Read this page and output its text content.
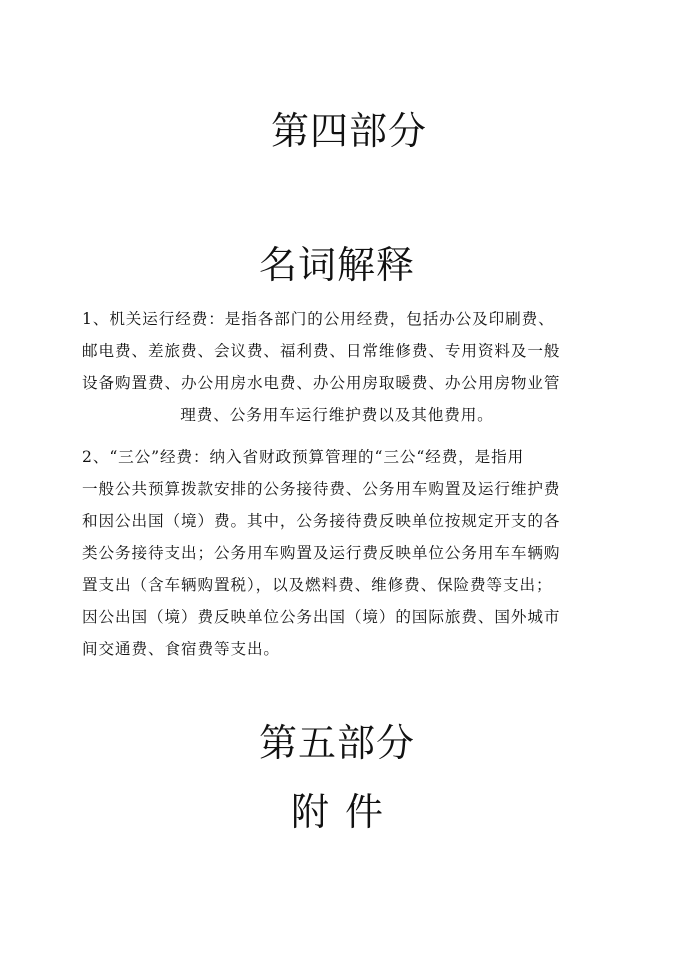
第四部分
名词解释
1、机关运行经费：是指各部门的公用经费，包括办公及印刷费、
邮电费、差旅费、会议费、福利费、日常维修费、专用资料及一般
设备购置费、办公用房水电费、办公用房取暖费、办公用房物业管
理费、公务用车运行维护费以及其他费用。
2、“三公”经费：纳入省财政预算管理的“三公“经费，是指用
一般公共预算拨款安排的公务接待费、公务用车购置及运行维护费
和因公出国（境）费。其中，公务接待费反映单位按规定开支的各
类公务接待支出；公务用车购置及运行费反映单位公务用车车辆购
置支出（含车辆购置税），以及燃料费、维修费、保险费等支出；
因公出国（境）费反映单位公务出国（境）的国际旅费、国外城市
间交通费、食宿费等支出。
第五部分
附件
